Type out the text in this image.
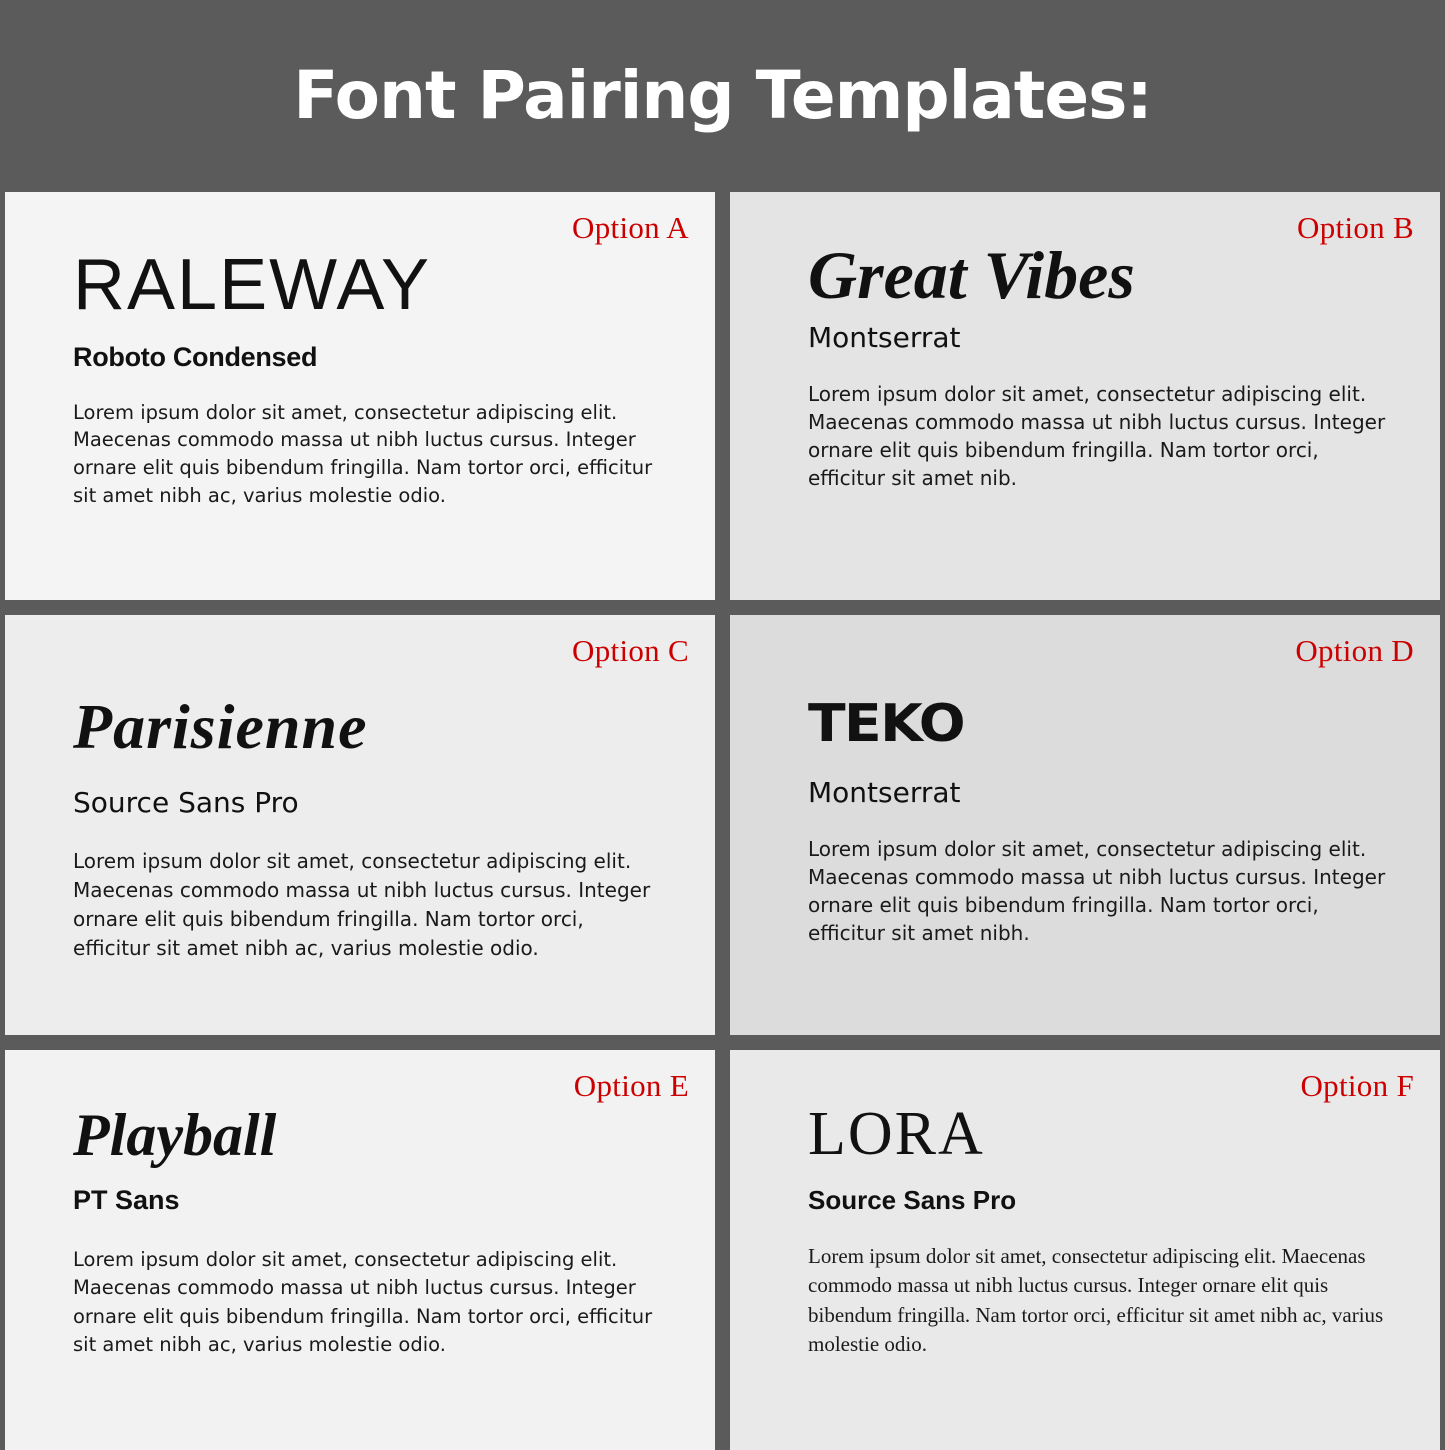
Font Pairing Templates:
Option A
RALEWAY
Roboto Condensed
Lorem ipsum dolor sit amet, consectetur adipiscing elit. Maecenas commodo massa ut nibh luctus cursus. Integer ornare elit quis bibendum fringilla. Nam tortor orci, efficitur sit amet nibh ac, varius molestie odio.
Option B
Great Vibes
Montserrat
Lorem ipsum dolor sit amet, consectetur adipiscing elit. Maecenas commodo massa ut nibh luctus cursus. Integer ornare elit quis bibendum fringilla. Nam tortor orci, efficitur sit amet nib.
Option C
Parisienne
Source Sans Pro
Lorem ipsum dolor sit amet, consectetur adipiscing elit. Maecenas commodo massa ut nibh luctus cursus. Integer ornare elit quis bibendum fringilla. Nam tortor orci, efficitur sit amet nibh ac, varius molestie odio.
Option D
TEKO
Montserrat
Lorem ipsum dolor sit amet, consectetur adipiscing elit. Maecenas commodo massa ut nibh luctus cursus. Integer ornare elit quis bibendum fringilla. Nam tortor orci, efficitur sit amet nibh.
Option E
Playball
PT Sans
Lorem ipsum dolor sit amet, consectetur adipiscing elit. Maecenas commodo massa ut nibh luctus cursus. Integer ornare elit quis bibendum fringilla. Nam tortor orci, efficitur sit amet nibh ac, varius molestie odio.
Option F
LORA
Source Sans Pro
Lorem ipsum dolor sit amet, consectetur adipiscing elit. Maecenas commodo massa ut nibh luctus cursus. Integer ornare elit quis bibendum fringilla. Nam tortor orci, efficitur sit amet nibh ac, varius molestie odio.
